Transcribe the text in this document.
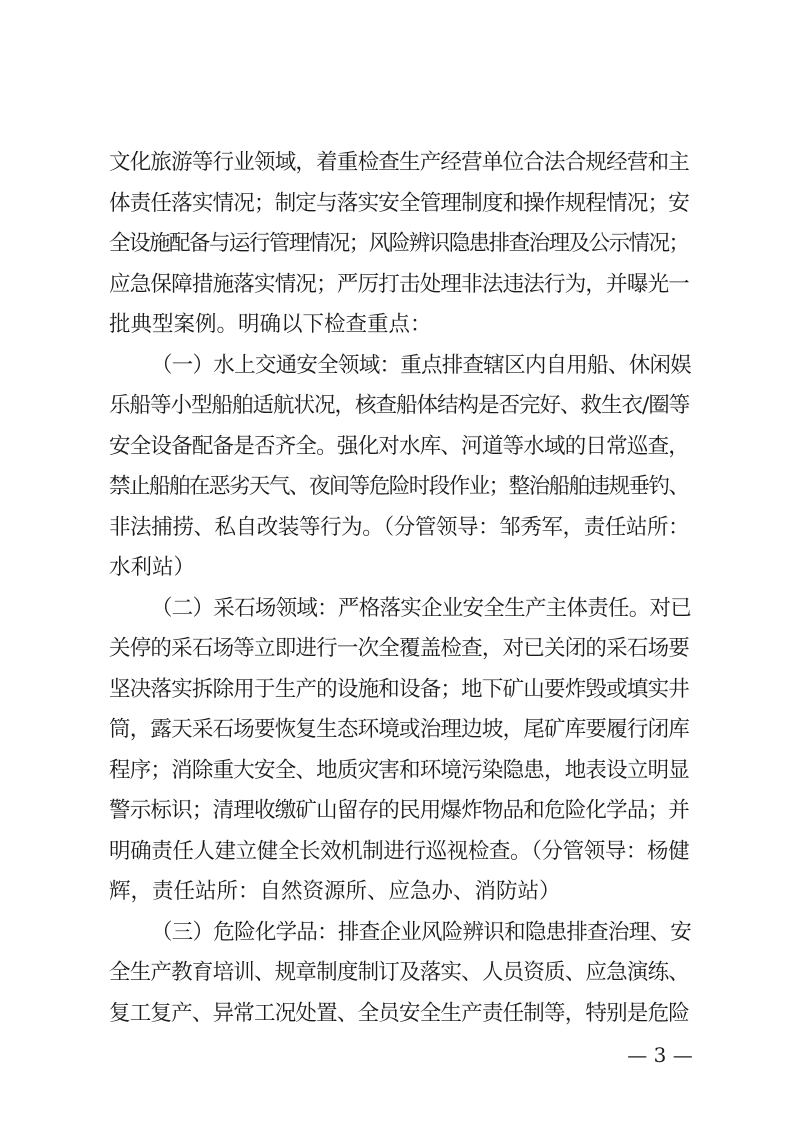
文化旅游等行业领域，着重检查生产经营单位合法合规经营和主
体责任落实情况；制定与落实安全管理制度和操作规程情况；安
全设施配备与运行管理情况；风险辨识隐患排查治理及公示情况；
应急保障措施落实情况；严厉打击处理非法违法行为，并曝光一
批典型案例。明确以下检查重点：
（一）水上交通安全领域：重点排查辖区内自用船、休闲娱
乐船等小型船舶适航状况，核查船体结构是否完好、救生衣/圈等
安全设备配备是否齐全。强化对水库、河道等水域的日常巡查，
禁止船舶在恶劣天气、夜间等危险时段作业；整治船舶违规垂钓、
非法捕捞、私自改装等行为。（分管领导：邹秀军，责任站所：
水利站）
（二）采石场领域：严格落实企业安全生产主体责任。对已
关停的采石场等立即进行一次全覆盖检查，对已关闭的采石场要
坚决落实拆除用于生产的设施和设备；地下矿山要炸毁或填实井
筒，露天采石场要恢复生态环境或治理边坡，尾矿库要履行闭库
程序；消除重大安全、地质灾害和环境污染隐患，地表设立明显
警示标识；清理收缴矿山留存的民用爆炸物品和危险化学品；并
明确责任人建立健全长效机制进行巡视检查。（分管领导：杨健
辉，责任站所：自然资源所、应急办、消防站）
（三）危险化学品：排查企业风险辨识和隐患排查治理、安
全生产教育培训、规章制度制订及落实、人员资质、应急演练、
复工复产、异常工况处置、全员安全生产责任制等，特别是危险
— 3 —
